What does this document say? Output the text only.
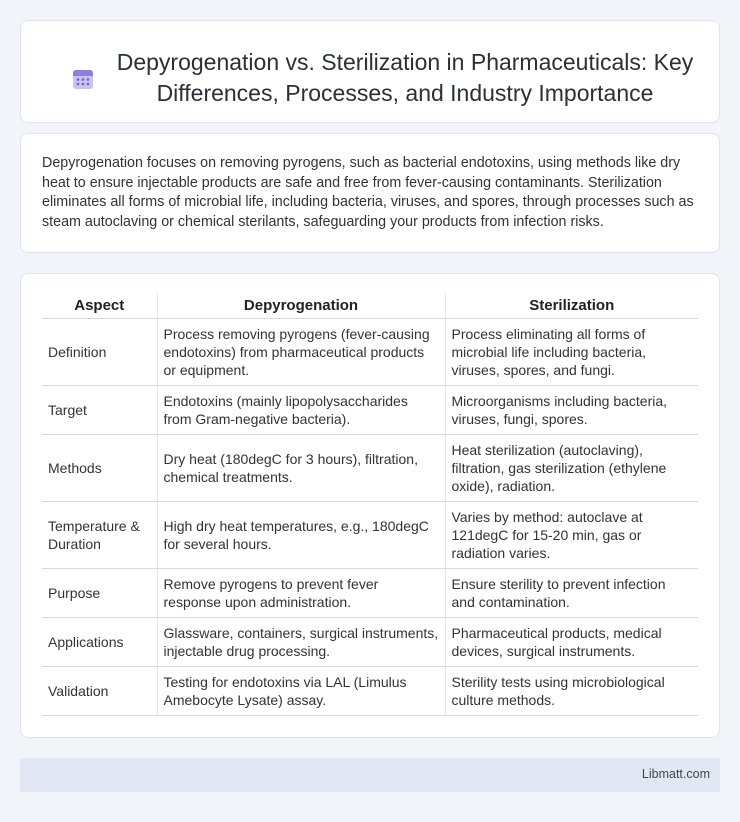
Depyrogenation vs. Sterilization in Pharmaceuticals: Key Differences, Processes, and Industry Importance

Depyrogenation focuses on removing pyrogens, such as bacterial endotoxins, using methods like dry heat to ensure injectable products are safe and free from fever-causing contaminants. Sterilization eliminates all forms of microbial life, including bacteria, viruses, and spores, through processes such as steam autoclaving or chemical sterilants, safeguarding your products from infection risks.

Aspect	Depyrogenation	Sterilization
Definition	Process removing pyrogens (fever-causing endotoxins) from pharmaceutical products or equipment.	Process eliminating all forms of microbial life including bacteria, viruses, spores, and fungi.
Target	Endotoxins (mainly lipopolysaccharides from Gram-negative bacteria).	Microorganisms including bacteria, viruses, fungi, spores.
Methods	Dry heat (180degC for 3 hours), filtration, chemical treatments.	Heat sterilization (autoclaving), filtration, gas sterilization (ethylene oxide), radiation.
Temperature & Duration	High dry heat temperatures, e.g., 180degC for several hours.	Varies by method: autoclave at 121degC for 15-20 min, gas or radiation varies.
Purpose	Remove pyrogens to prevent fever response upon administration.	Ensure sterility to prevent infection and contamination.
Applications	Glassware, containers, surgical instruments, injectable drug processing.	Pharmaceutical products, medical devices, surgical instruments.
Validation	Testing for endotoxins via LAL (Limulus Amebocyte Lysate) assay.	Sterility tests using microbiological culture methods.
Libmatt.com
